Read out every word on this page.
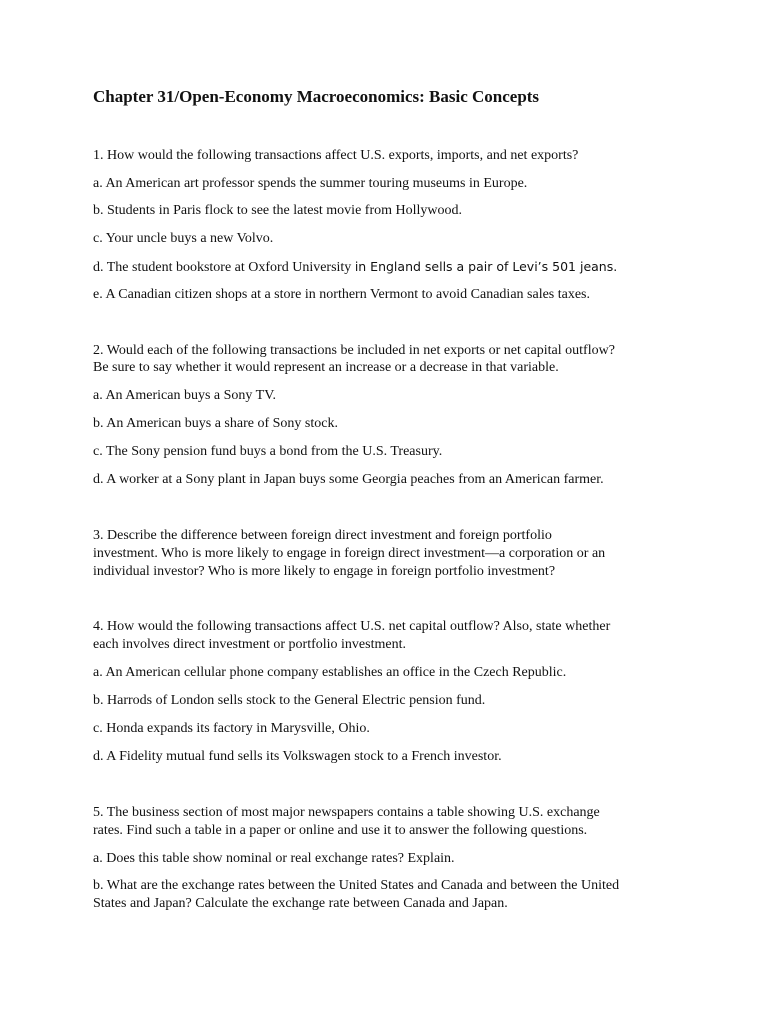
Chapter 31/Open-Economy Macroeconomics: Basic Concepts

1. How would the following transactions affect U.S. exports, imports, and net exports?

a. An American art professor spends the summer touring museums in Europe.

b. Students in Paris flock to see the latest movie from Hollywood.

c. Your uncle buys a new Volvo.

d. The student bookstore at Oxford University in England sells a pair of Levi’s 501 jeans.

e. A Canadian citizen shops at a store in northern Vermont to avoid Canadian sales taxes.

2. Would each of the following transactions be included in net exports or net capital outflow?

Be sure to say whether it would represent an increase or a decrease in that variable.

a. An American buys a Sony TV.

b. An American buys a share of Sony stock.

c. The Sony pension fund buys a bond from the U.S. Treasury.

d. A worker at a Sony plant in Japan buys some Georgia peaches from an American farmer.

3. Describe the difference between foreign direct investment and foreign portfolio

investment. Who is more likely to engage in foreign direct investment—a corporation or an

individual investor? Who is more likely to engage in foreign portfolio investment?

4. How would the following transactions affect U.S. net capital outflow? Also, state whether

each involves direct investment or portfolio investment.

a. An American cellular phone company establishes an office in the Czech Republic.

b. Harrods of London sells stock to the General Electric pension fund.

c. Honda expands its factory in Marysville, Ohio.

d. A Fidelity mutual fund sells its Volkswagen stock to a French investor.

5. The business section of most major newspapers contains a table showing U.S. exchange

rates. Find such a table in a paper or online and use it to answer the following questions.

a. Does this table show nominal or real exchange rates? Explain.

b. What are the exchange rates between the United States and Canada and between the United

States and Japan? Calculate the exchange rate between Canada and Japan.
